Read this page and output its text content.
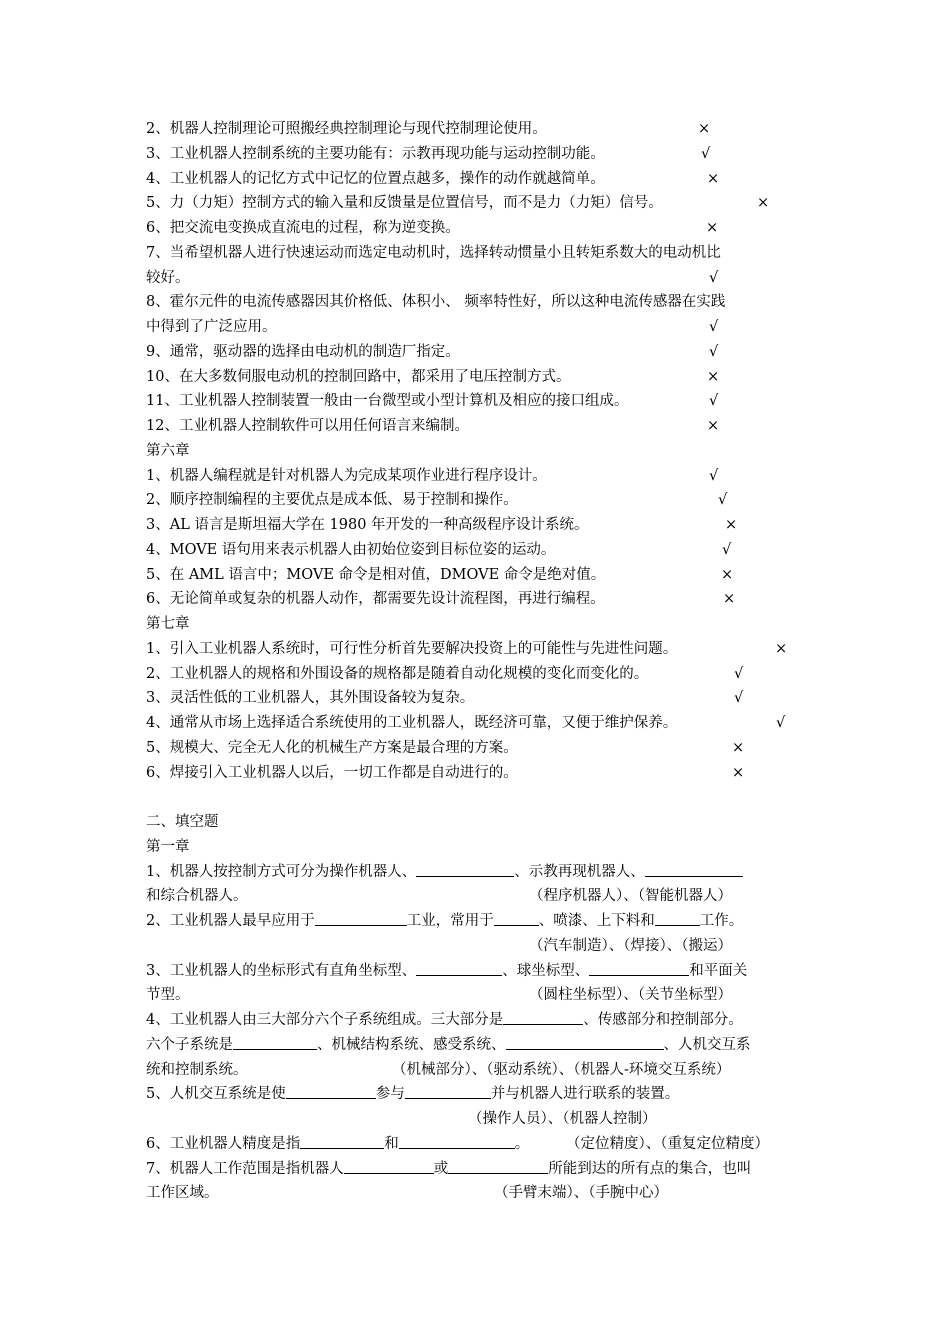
2、机器人控制理论可照搬经典控制理论与现代控制理论使用。	×
3、工业机器人控制系统的主要功能有：示教再现功能与运动控制功能。	√
4、工业机器人的记忆方式中记忆的位置点越多，操作的动作就越简单。	×
5、力（力矩）控制方式的输入量和反馈量是位置信号，而不是力（力矩）信号。	×
6、把交流电变换成直流电的过程，称为逆变换。	×
7、当希望机器人进行快速运动而选定电动机时，选择转动惯量小且转矩系数大的电动机比
较好。	√
8、霍尔元件的电流传感器因其价格低、体积小、 频率特性好，所以这种电流传感器在实践
中得到了广泛应用。	√
9、通常，驱动器的选择由电动机的制造厂指定。	√
10、在大多数伺服电动机的控制回路中，都采用了电压控制方式。	×
11、工业机器人控制装置一般由一台微型或小型计算机及相应的接口组成。	√
12、工业机器人控制软件可以用任何语言来编制。	×
第六章
1、机器人编程就是针对机器人为完成某项作业进行程序设计。	√
2、顺序控制编程的主要优点是成本低、易于控制和操作。	√
3、AL 语言是斯坦福大学在 1980 年开发的一种高级程序设计系统。	×
4、MOVE 语句用来表示机器人由初始位姿到目标位姿的运动。	√
5、在 AML 语言中；MOVE 命令是相对值，DMOVE 命令是绝对值。	×
6、无论简单或复杂的机器人动作，都需要先设计流程图，再进行编程。	×
第七章
1、引入工业机器人系统时，可行性分析首先要解决投资上的可能性与先进性问题。	×
2、工业机器人的规格和外围设备的规格都是随着自动化规模的变化而变化的。	√
3、灵活性低的工业机器人，其外围设备较为复杂。	√
4、通常从市场上选择适合系统使用的工业机器人，既经济可靠，又便于维护保养。	√
5、规模大、完全无人化的机械生产方案是最合理的方案。	×
6、焊接引入工业机器人以后，一切工作都是自动进行的。	×
二、填空题
第一章
1、机器人按控制方式可分为操作机器人、	、示教再现机器人、
和综合机器人。	（程序机器人）、（智能机器人）
2、工业机器人最早应用于	工业，常用于	、喷漆、上下料和	工作。
（汽车制造）、（焊接）、（搬运）
3、工业机器人的坐标形式有直角坐标型、	、球坐标型、	和平面关
节型。	（圆柱坐标型）、（关节坐标型）
4、工业机器人由三大部分六个子系统组成。三大部分是	、传感部分和控制部分。
六个子系统是	、机械结构系统、感受系统、	、人机交互系
统和控制系统。	（机械部分）、（驱动系统）、（机器人-环境交互系统）
5、人机交互系统是使	参与	并与机器人进行联系的装置。
（操作人员）、（机器人控制）
6、工业机器人精度是指	和	。	（定位精度）、（重复定位精度）
7、机器人工作范围是指机器人	或	所能到达的所有点的集合，也叫
工作区域。	（手臂末端）、（手腕中心）
